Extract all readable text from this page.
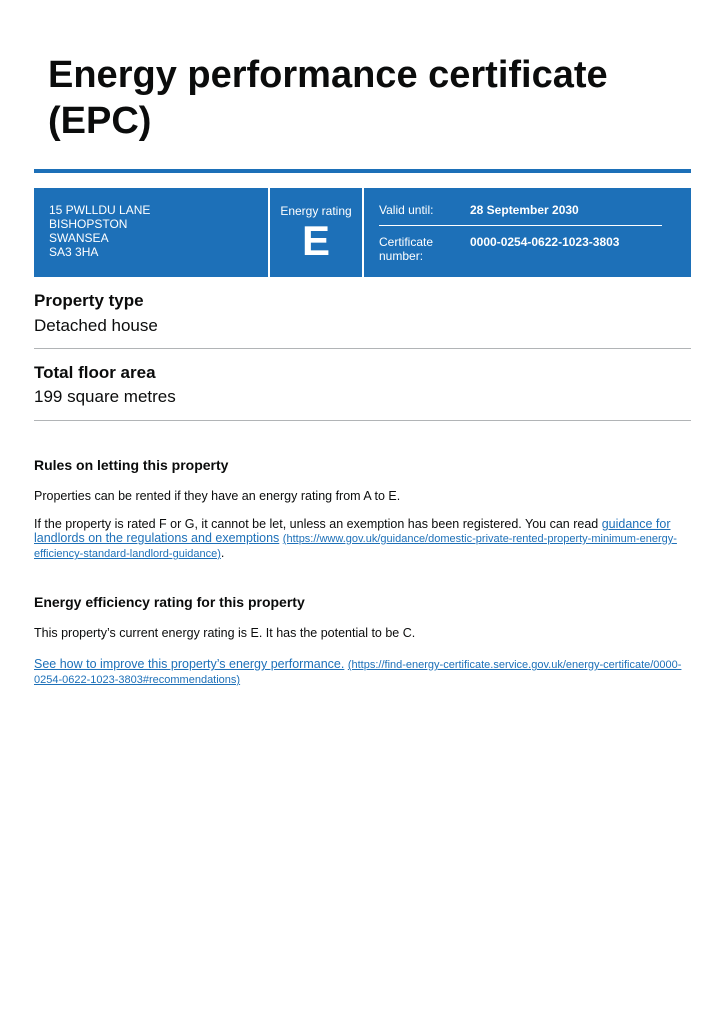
Energy performance certificate (EPC)
15 PWLLDU LANE
BISHOPSTON
SWANSEA
SA3 3HA
Energy rating
E
Valid until:	28 September 2030
Certificate
number:
0000-0254-0622-1023-3803
Property type
Detached house
Total floor area
199 square metres
Rules on letting this property
Properties can be rented if they have an energy rating from A to E.
If the property is rated F or G, it cannot be let, unless an exemption has been registered. You can read guidance for landlords on the regulations and exemptions (https://www.gov.uk/guidance/domestic-private-rented-property-minimum-energy-efficiency-standard-landlord-guidance).
Energy efficiency rating for this property
This property’s current energy rating is E. It has the potential to be C.
See how to improve this property’s energy performance. (https://find-energy-certificate.service.gov.uk/energy-certificate/0000-0254-0622-1023-3803#recommendations)
